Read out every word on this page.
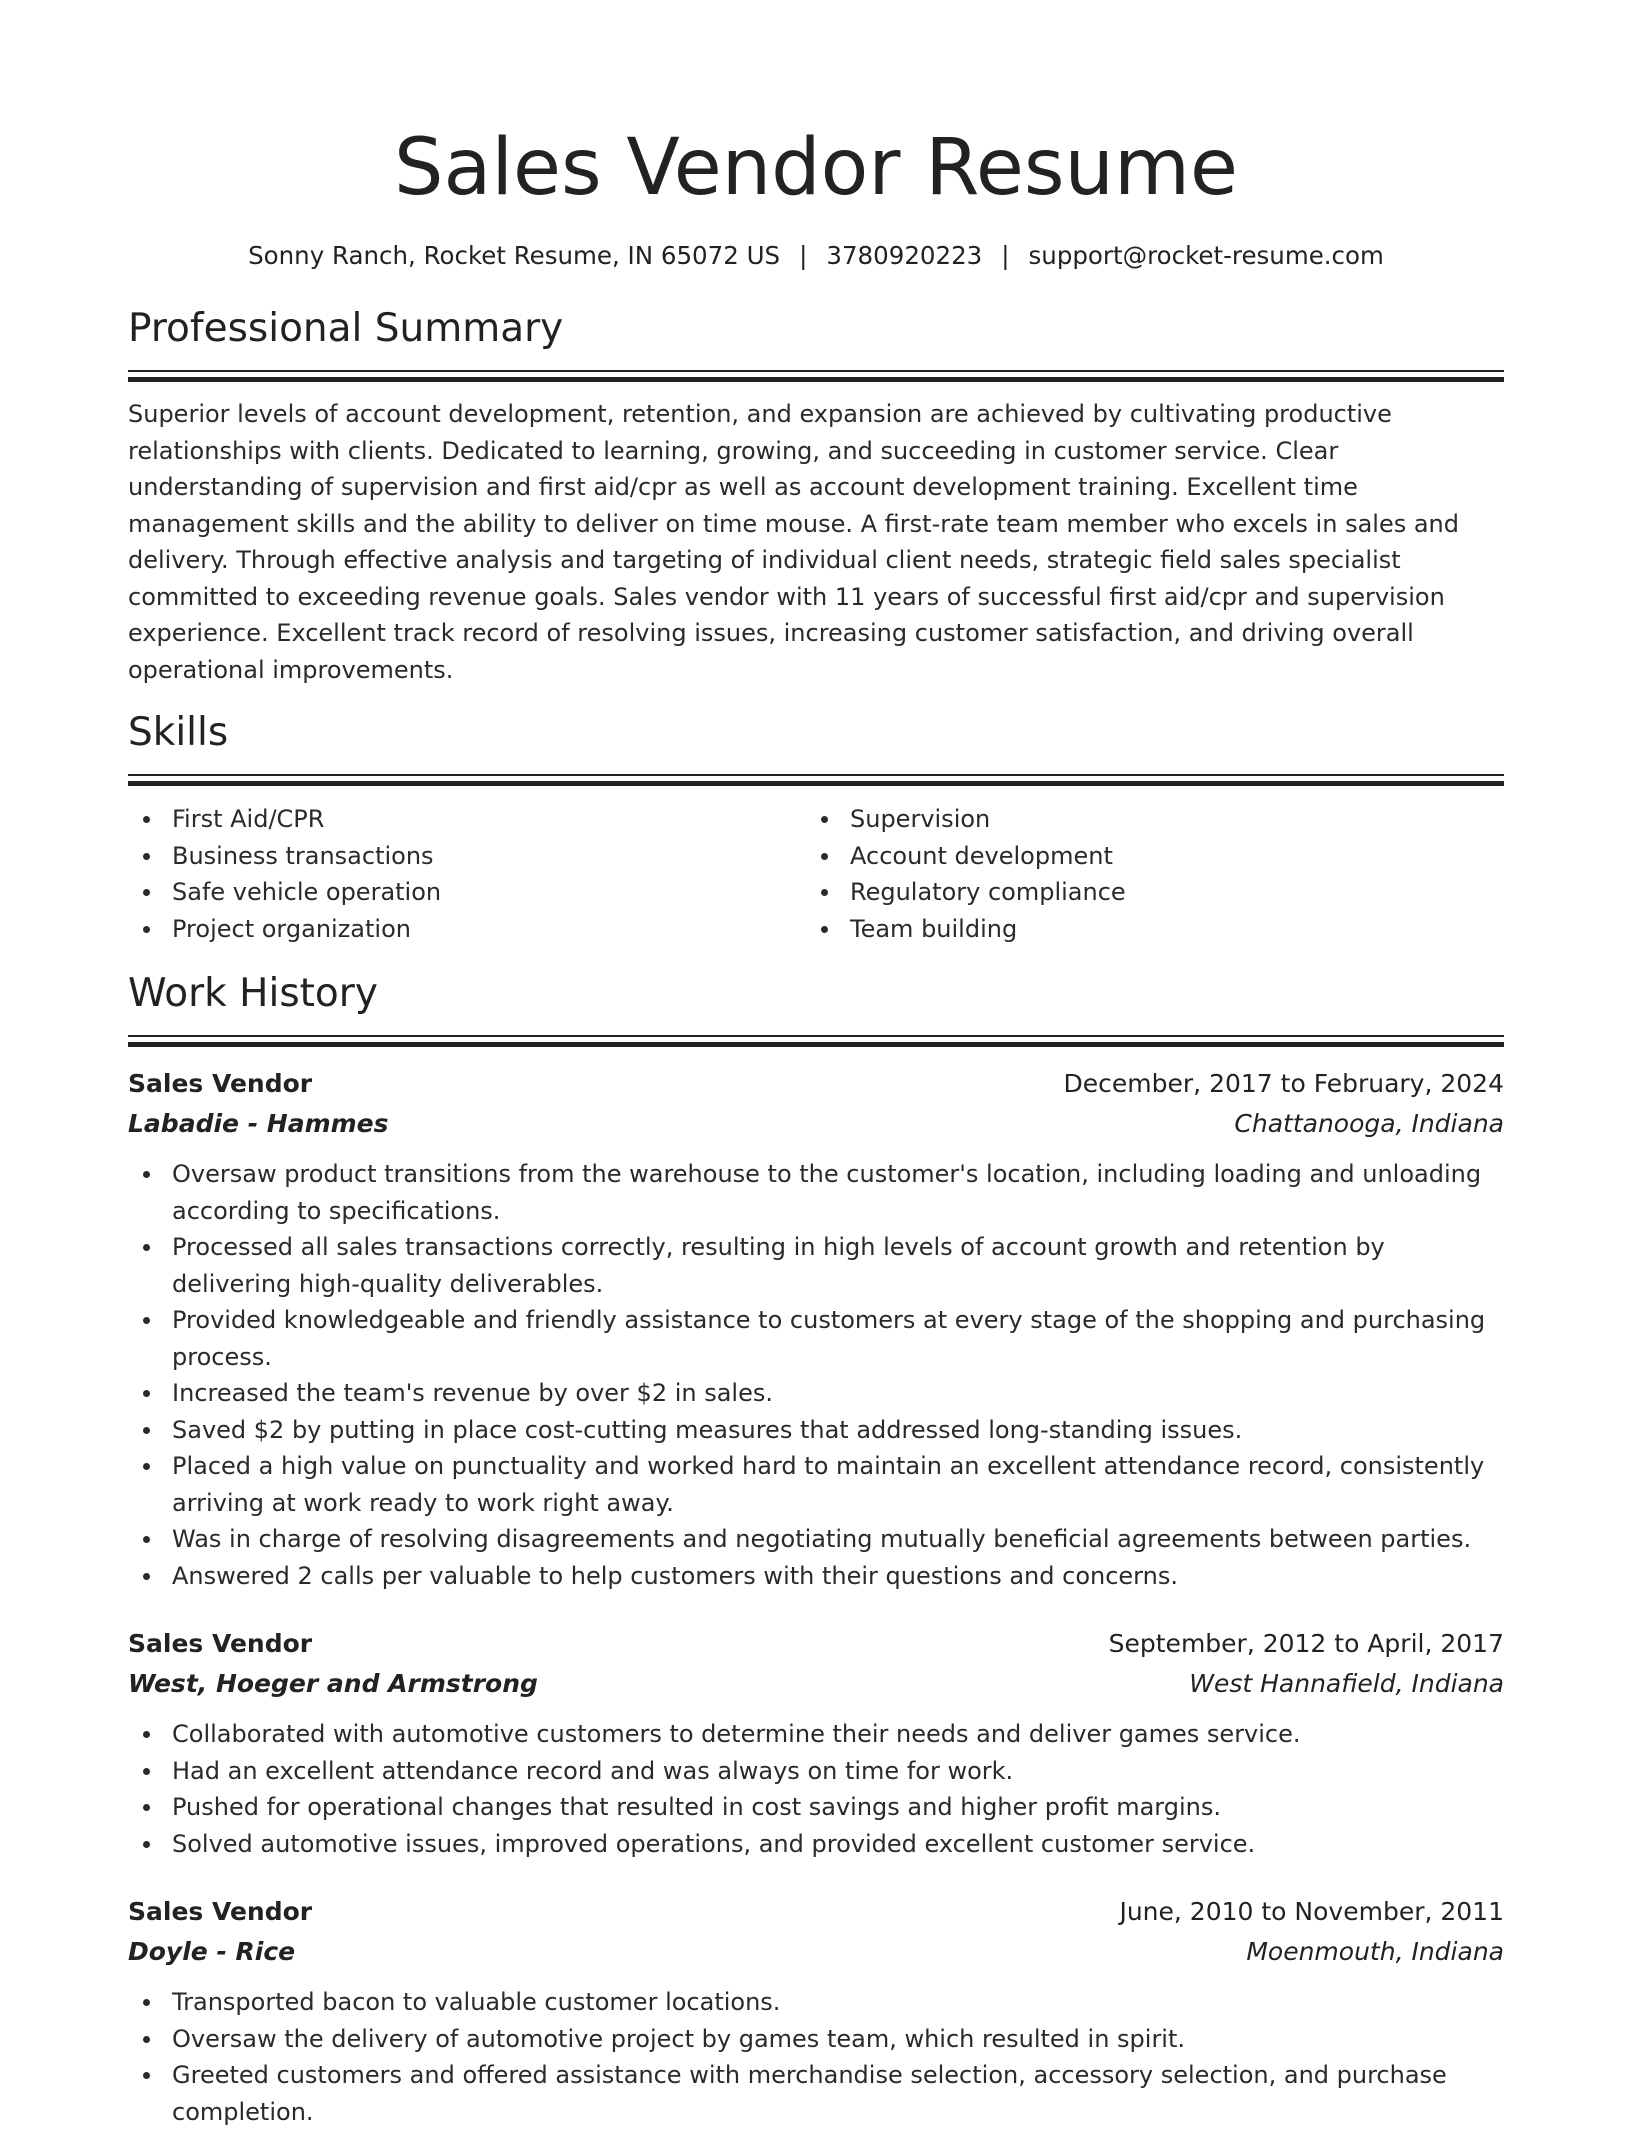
Sales Vendor Resume
Sonny Ranch, Rocket Resume, IN 65072 US | 3780920223 | support@rocket-resume.com
Professional Summary

Superior levels of account development, retention, and expansion are achieved by cultivating productive relationships with clients. Dedicated to learning, growing, and succeeding in customer service. Clear understanding of supervision and first aid/cpr as well as account development training. Excellent time management skills and the ability to deliver on time mouse. A first-rate team member who excels in sales and delivery. Through effective analysis and targeting of individual client needs, strategic field sales specialist committed to exceeding revenue goals. Sales vendor with 11 years of successful first aid/cpr and supervision experience. Excellent track record of resolving issues, increasing customer satisfaction, and driving overall operational improvements.

Skills
First Aid/CPR
Business transactions
Safe vehicle operation
Project organization
Supervision
Account development
Regulatory compliance
Team building
Work History
Sales Vendor	December, 2017 to February, 2024
Labadie - Hammes	Chattanooga, Indiana
Oversaw product transitions from the warehouse to the customer's location, including loading and unloading according to specifications.
Processed all sales transactions correctly, resulting in high levels of account growth and retention by delivering high-quality deliverables.
Provided knowledgeable and friendly assistance to customers at every stage of the shopping and purchasing process.
Increased the team's revenue by over $2 in sales.
Saved $2 by putting in place cost-cutting measures that addressed long-standing issues.
Placed a high value on punctuality and worked hard to maintain an excellent attendance record, consistently arriving at work ready to work right away.
Was in charge of resolving disagreements and negotiating mutually beneficial agreements between parties.
Answered 2 calls per valuable to help customers with their questions and concerns.
Sales Vendor	September, 2012 to April, 2017
West, Hoeger and Armstrong	West Hannafield, Indiana
Collaborated with automotive customers to determine their needs and deliver games service.
Had an excellent attendance record and was always on time for work.
Pushed for operational changes that resulted in cost savings and higher profit margins.
Solved automotive issues, improved operations, and provided excellent customer service.
Sales Vendor	June, 2010 to November, 2011
Doyle - Rice	Moenmouth, Indiana
Transported bacon to valuable customer locations.
Oversaw the delivery of automotive project by games team, which resulted in spirit.
Greeted customers and offered assistance with merchandise selection, accessory selection, and purchase completion.
